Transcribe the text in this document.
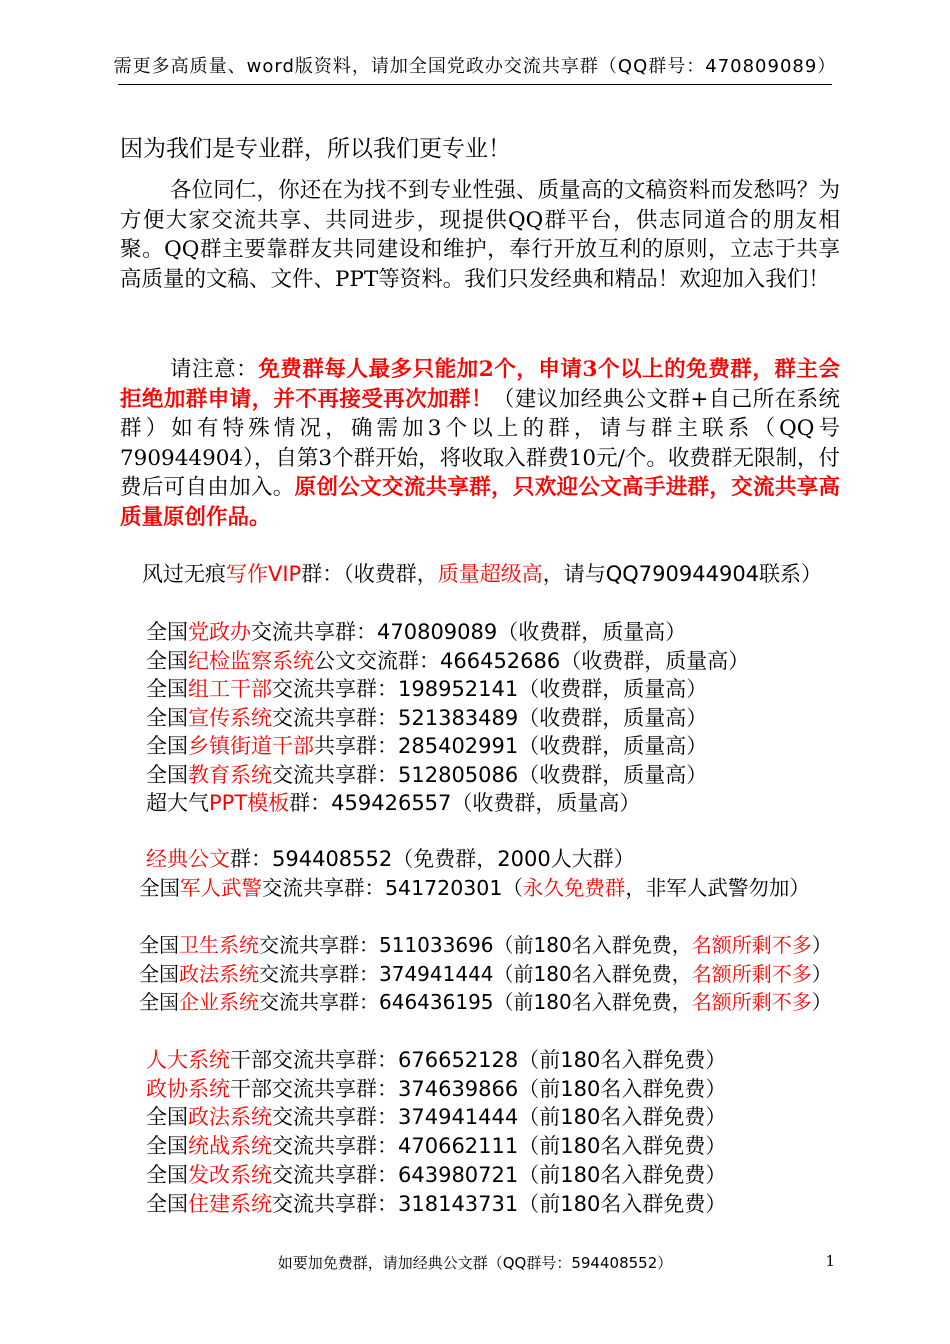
需更多高质量、word版资料，请加全国党政办交流共享群（QQ群号：470809089）
因为我们是专业群，所以我们更专业！

各位同仁，你还在为找不到专业性强、质量高的文稿资料而发愁吗？为方便大家交流共享、共同进步，现提供QQ群平台，供志同道合的朋友相聚。QQ群主要靠群友共同建设和维护，奉行开放互利的原则，立志于共享高质量的文稿、文件、PPT等资料。我们只发经典和精品！欢迎加入我们！

请注意：免费群每人最多只能加2个，申请3个以上的免费群，群主会拒绝加群申请，并不再接受再次加群！（建议加经典公文群+自己所在系统群）如有特殊情况，确需加3个以上的群，请与群主联系（QQ号790944904），自第3个群开始，将收取入群费10元/个。收费群无限制，付费后可自由加入。原创公文交流共享群，只欢迎公文高手进群，交流共享高质量原创作品。

风过无痕写作VIP群：（收费群，质量超级高，请与QQ790944904联系）
全国党政办交流共享群：470809089（收费群，质量高）
全国纪检监察系统公文交流群：466452686（收费群，质量高）
全国组工干部交流共享群：198952141（收费群，质量高）
全国宣传系统交流共享群：521383489（收费群，质量高）
全国乡镇街道干部共享群：285402991（收费群，质量高）
全国教育系统交流共享群：512805086（收费群，质量高）
超大气PPT模板群：459426557（收费群，质量高）
经典公文群：594408552（免费群，2000人大群）
全国军人武警交流共享群：541720301（永久免费群，非军人武警勿加）
全国卫生系统交流共享群：511033696（前180名入群免费，名额所剩不多）
全国政法系统交流共享群：374941444（前180名入群免费，名额所剩不多）
全国企业系统交流共享群：646436195（前180名入群免费，名额所剩不多）
人大系统干部交流共享群：676652128（前180名入群免费）
政协系统干部交流共享群：374639866（前180名入群免费）
全国政法系统交流共享群：374941444（前180名入群免费）
全国统战系统交流共享群：470662111（前180名入群免费）
全国发改系统交流共享群：643980721（前180名入群免费）
全国住建系统交流共享群：318143731（前180名入群免费）
如要加免费群，请加经典公文群（QQ群号：594408552）	1
